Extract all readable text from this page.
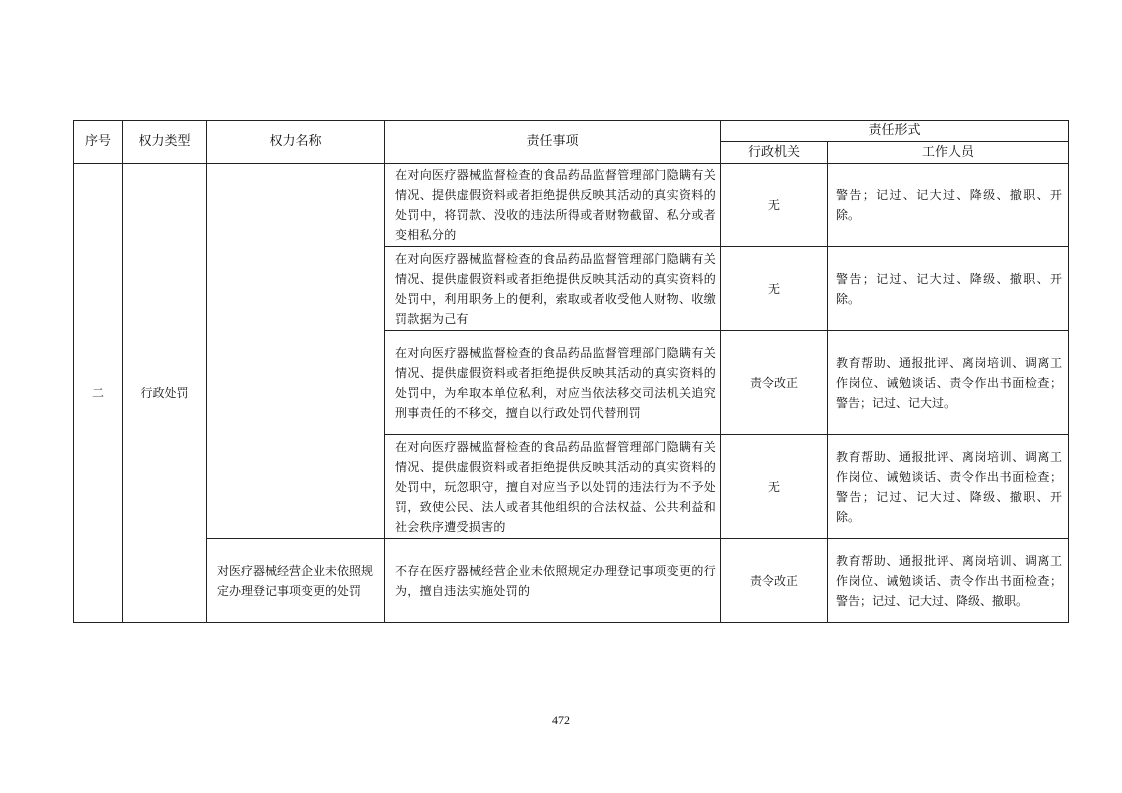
序号	权力类型	权力名称	责任事项	责任形式	
				行政机关	工作人员
二	行政处罚		在对向医疗器械监督检查的食品药品监督管理部门隐瞒有关情况、提供虚假资料或者拒绝提供反映其活动的真实资料的处罚中，将罚款、没收的违法所得或者财物截留、私分或者变相私分的	无	警告；记过、记大过、降级、撤职、开除。
			在对向医疗器械监督检查的食品药品监督管理部门隐瞒有关情况、提供虚假资料或者拒绝提供反映其活动的真实资料的处罚中，利用职务上的便利，索取或者收受他人财物、收缴罚款据为己有	无	警告；记过、记大过、降级、撤职、开除。
			在对向医疗器械监督检查的食品药品监督管理部门隐瞒有关情况、提供虚假资料或者拒绝提供反映其活动的真实资料的处罚中，为牟取本单位私利，对应当依法移交司法机关追究刑事责任的不移交，擅自以行政处罚代替刑罚	责令改正	教育帮助、通报批评、离岗培训、调离工作岗位、诫勉谈话、责令作出书面检查；警告；记过、记大过。
			在对向医疗器械监督检查的食品药品监督管理部门隐瞒有关情况、提供虚假资料或者拒绝提供反映其活动的真实资料的处罚中，玩忽职守，擅自对应当予以处罚的违法行为不予处罚，致使公民、法人或者其他组织的合法权益、公共利益和社会秩序遭受损害的	无	教育帮助、通报批评、离岗培训、调离工作岗位、诫勉谈话、责令作出书面检查；警告；记过、记大过、降级、撤职、开除。
		对医疗器械经营企业未依照规定办理登记事项变更的处罚	不存在医疗器械经营企业未依照规定办理登记事项变更的行为，擅自违法实施处罚的	责令改正	教育帮助、通报批评、离岗培训、调离工作岗位、诫勉谈话、责令作出书面检查；警告；记过、记大过、降级、撤职。
472
